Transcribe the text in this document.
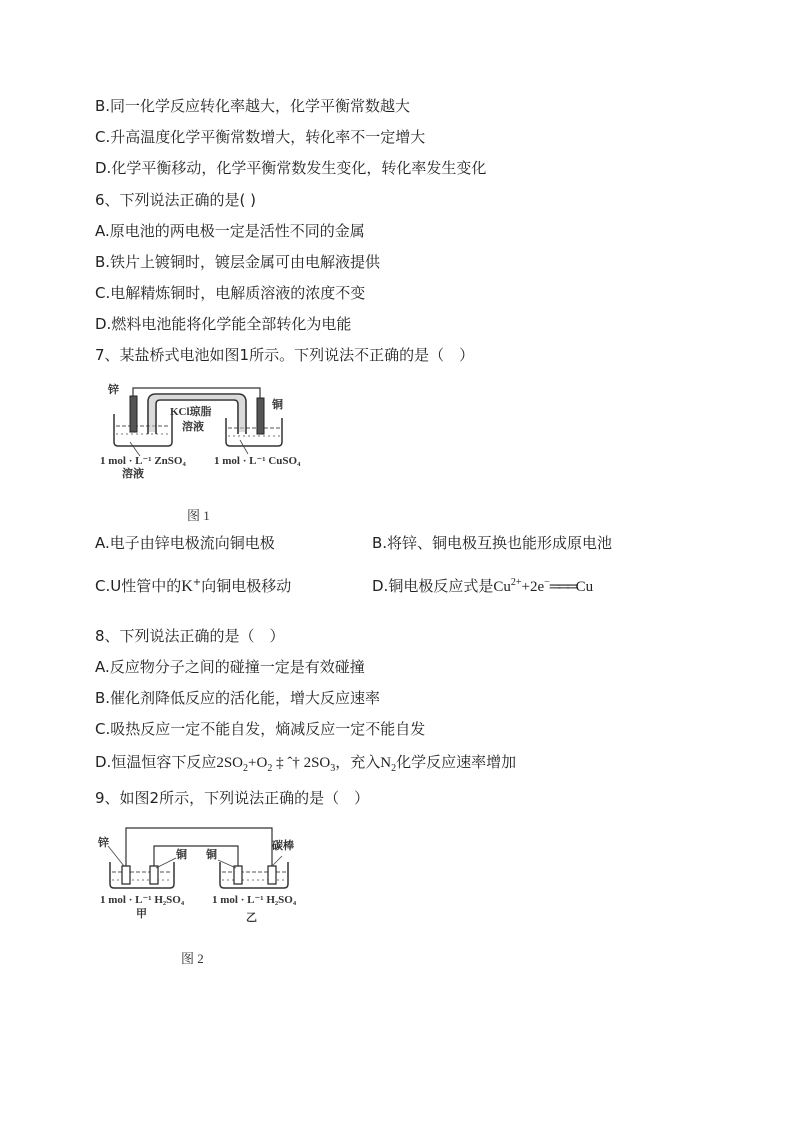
B.同一化学反应转化率越大，化学平衡常数越大
C.升高温度化学平衡常数增大，转化率不一定增大
D.化学平衡移动，化学平衡常数发生变化，转化率发生变化
6、下列说法正确的是( )
A.原电池的两电极一定是活性不同的金属
B.铁片上镀铜时，镀层金属可由电解液提供
C.电解精炼铜时，电解质溶液的浓度不变
D.燃料电池能将化学能全部转化为电能
7、某盐桥式电池如图1所示。下列说法不正确的是（　）
锌
铜
KCl琼脂
溶液
1 mol · L⁻¹ ZnSO₄
溶液
1 mol · L⁻¹ CuSO₄
图 1
A.电子由锌电极流向铜电极	B.将锌、铜电极互换也能形成原电池
C.U性管中的K+向铜电极移动	D.铜电极反应式是$Cu^{2+}+2e^-═══Cu$
8、下列说法正确的是（　）
A.反应物分子之间的碰撞一定是有效碰撞
B.催化剂降低反应的活化能，增大反应速率
C.吸热反应一定不能自发，熵减反应一定不能自发
D.恒温恒容下反应$2SO_2+O_2$ ‡ ˆ† $2SO_3$，充入$N_2$化学反应速率增加
9、如图2所示，下列说法正确的是（　）
锌
铜 铜
碳棒
1 mol · L⁻¹ H₂SO₄
甲
1 mol · L⁻¹ H₂SO₄
乙
图 2
